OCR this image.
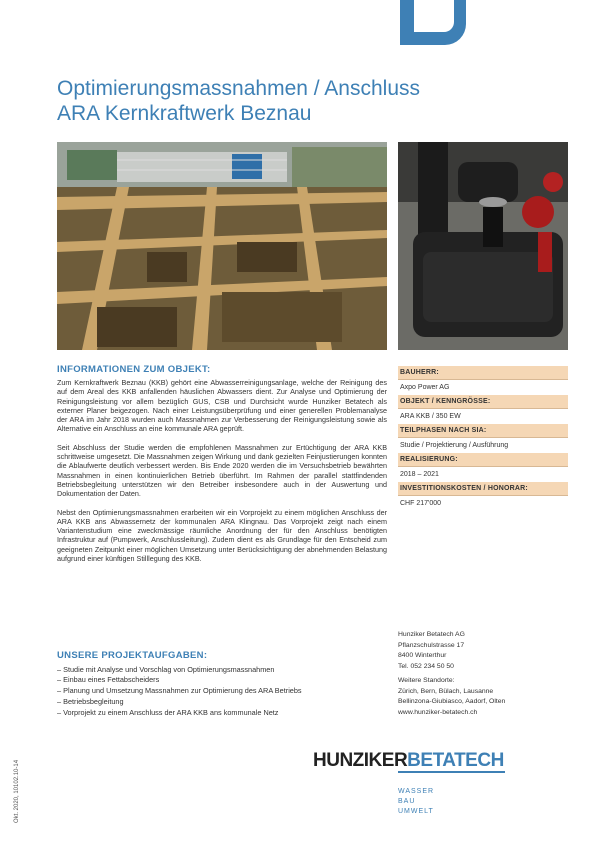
Optimierungsmassnahmen / Anschluss
ARA Kernkraftwerk Beznau
INFORMATIONEN ZUM OBJEKT:

Zum Kernkraftwerk Beznau (KKB) gehört eine Abwasserreinigungsanlage, welche der Reinigung des auf dem Areal des KKB anfallenden häuslichen Abwassers dient. Zur Analyse und Optimierung der Reinigungsleistung vor allem bezüglich GUS, CSB und Durchsicht wurde Hunziker Betatech als externer Planer beigezogen. Nach einer Leistungsüberprüfung und einer generellen Problemanalyse der ARA im Jahr 2018 wurden auch Massnahmen zur Verbesserung der Reinigungsleistung sowie als Alternative ein Anschluss an eine kommunale ARA geprüft.

Seit Abschluss der Studie werden die empfohlenen Massnahmen zur Ertüchtigung der ARA KKB schrittweise umgesetzt. Die Massnahmen zeigen Wirkung und dank gezielten Feinjustierungen konnten die Ablaufwerte deutlich verbessert werden. Bis Ende 2020 werden die im Versuchsbetrieb bewährten Massnahmen in einen kontinuierlichen Betrieb überführt. Im Rahmen der parallel stattfindenden Betriebsbegleitung unterstützen wir den Betreiber insbesondere auch in der Auswertung und Dokumentation der Daten.

Nebst den Optimierungsmassnahmen erarbeiten wir ein Vorprojekt zu einem möglichen Anschluss der ARA KKB ans Abwassernetz der kommunalen ARA Klingnau. Das Vorprojekt zeigt nach einem Variantenstudium eine zweckmässige räumliche Anordnung der für den Anschluss benötigten Infrastruktur auf (Pumpwerk, Anschlussleitung). Zudem dient es als Grundlage für den Entscheid zum geeigneten Zeitpunkt einer möglichen Umsetzung unter Berücksichtigung der abnehmenden Belastung aufgrund einer künftigen Stilllegung des KKB.

UNSERE PROJEKTAUFGABEN:
– Studie mit Analyse und Vorschlag von Optimierungsmassnahmen
– Einbau eines Fettabscheiders
– Planung und Umsetzung Massnahmen zur Optimierung des ARA Betriebs
– Betriebsbegleitung
– Vorprojekt zu einem Anschluss der ARA KKB ans kommunale Netz
BAUHERR:
Axpo Power AG
OBJEKT / KENNGRÖSSE:
ARA KKB / 350 EW
TEILPHASEN NACH SIA:
Studie / Projektierung / Ausführung
REALISIERUNG:
2018 – 2021
INVESTITIONSKOSTEN / HONORAR:
CHF 217'000
Hunziker Betatech AG
Pflanzschulstrasse 17
8400 Winterthur
Tel. 052 234 50 50
Weitere Standorte:
Zürich, Bern, Bülach, Lausanne
Bellinzona-Giubiasco, Aadorf, Olten
www.hunziker-betatech.ch
HUNZIKERBETATECH
WASSER
BAU
UMWELT
Okt. 2020, 10102.10-14
